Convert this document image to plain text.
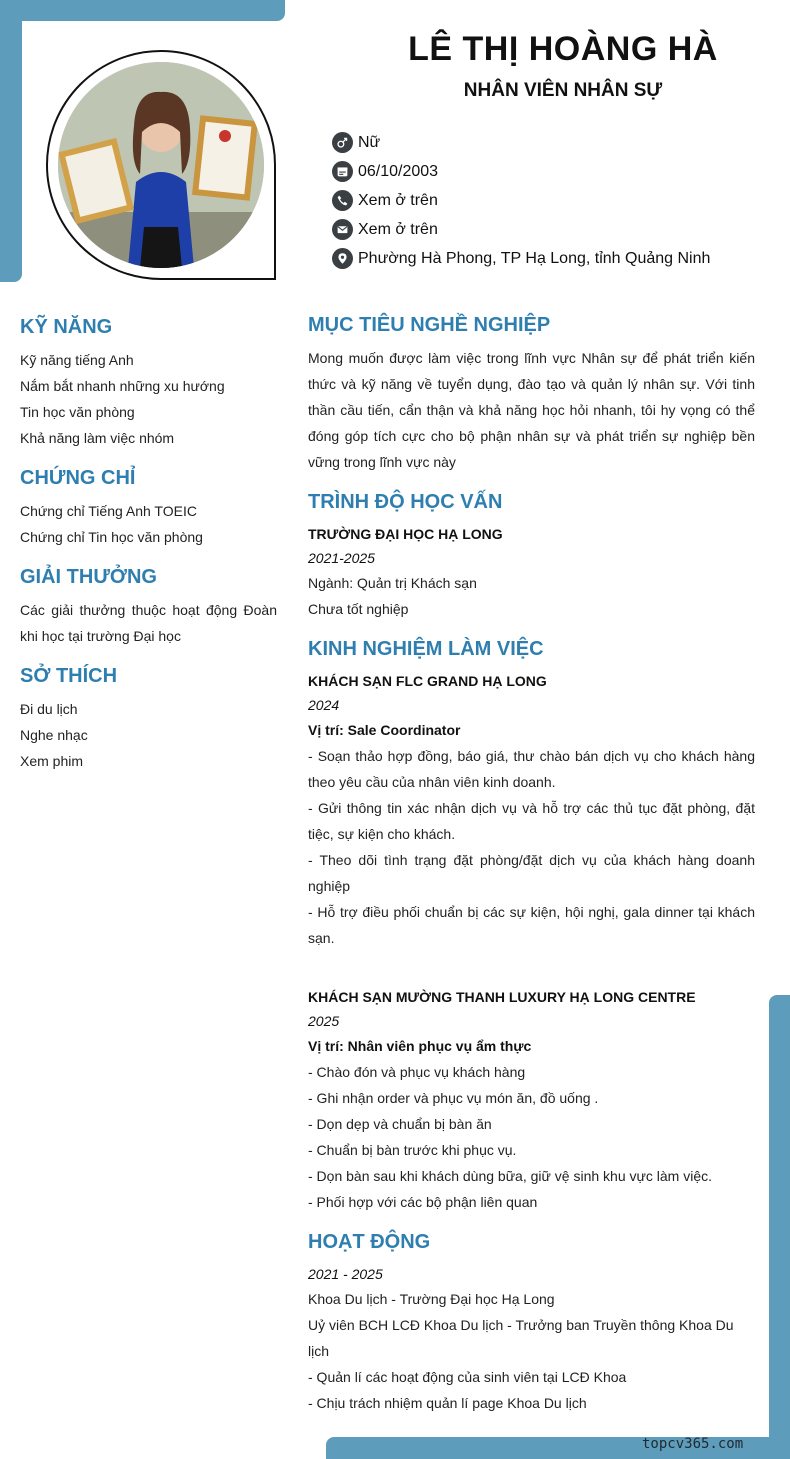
LÊ THỊ HOÀNG HÀ
NHÂN VIÊN NHÂN SỰ
Nữ
06/10/2003
Xem ở trên
Xem ở trên
Phường Hà Phong, TP Hạ Long, tỉnh Quảng Ninh
KỸ NĂNG
Kỹ năng tiếng Anh
Nắm bắt nhanh những xu hướng
Tin học văn phòng
Khả năng làm việc nhóm
CHỨNG CHỈ
Chứng chỉ Tiếng Anh TOEIC
Chứng chỉ Tin học văn phòng
GIẢI THƯỞNG
Các giải thưởng thuộc hoạt động Đoàn khi học tại trường Đại học
SỞ THÍCH
Đi du lịch
Nghe nhạc
Xem phim
MỤC TIÊU NGHỀ NGHIỆP
Mong muốn được làm việc trong lĩnh vực Nhân sự để phát triển kiến thức và kỹ năng về tuyển dụng, đào tạo và quản lý nhân sự. Với tinh thần cầu tiến, cẩn thận và khả năng học hỏi nhanh, tôi hy vọng có thể đóng góp tích cực cho bộ phận nhân sự và phát triển sự nghiệp bền vững trong lĩnh vực này
TRÌNH ĐỘ HỌC VẤN
TRƯỜNG ĐẠI HỌC HẠ LONG
2021-2025
Ngành: Quản trị Khách sạn
Chưa tốt nghiệp
KINH NGHIỆM LÀM VIỆC
KHÁCH SẠN FLC GRAND HẠ LONG
2024
Vị trí: Sale Coordinator
- Soạn thảo hợp đồng, báo giá, thư chào bán dịch vụ cho khách hàng theo yêu cầu của nhân viên kinh doanh.
- Gửi thông tin xác nhận dịch vụ và hỗ trợ các thủ tục đặt phòng, đặt tiệc, sự kiện cho khách.
- Theo dõi tình trạng đặt phòng/đặt dịch vụ của khách hàng doanh nghiệp
- Hỗ trợ điều phối chuẩn bị các sự kiện, hội nghị, gala dinner tại khách sạn.
KHÁCH SẠN MƯỜNG THANH LUXURY HẠ LONG CENTRE
2025
Vị trí: Nhân viên phục vụ ẩm thực
- Chào đón và phục vụ khách hàng
- Ghi nhận order và phục vụ món ăn, đồ uống .
- Dọn dẹp và chuẩn bị bàn ăn
- Chuẩn bị bàn trước khi phục vụ.
- Dọn bàn sau khi khách dùng bữa, giữ vệ sinh khu vực làm việc.
- Phối hợp với các bộ phận liên quan
HOẠT ĐỘNG
2021 - 2025
Khoa Du lịch - Trường Đại học Hạ Long
Uỷ viên BCH LCĐ Khoa Du lịch - Trưởng ban Truyền thông Khoa Du lịch
- Quản lí các hoạt động của sinh viên tại LCĐ Khoa
- Chịu trách nhiệm quản lí page Khoa Du lịch
topcv365.com
